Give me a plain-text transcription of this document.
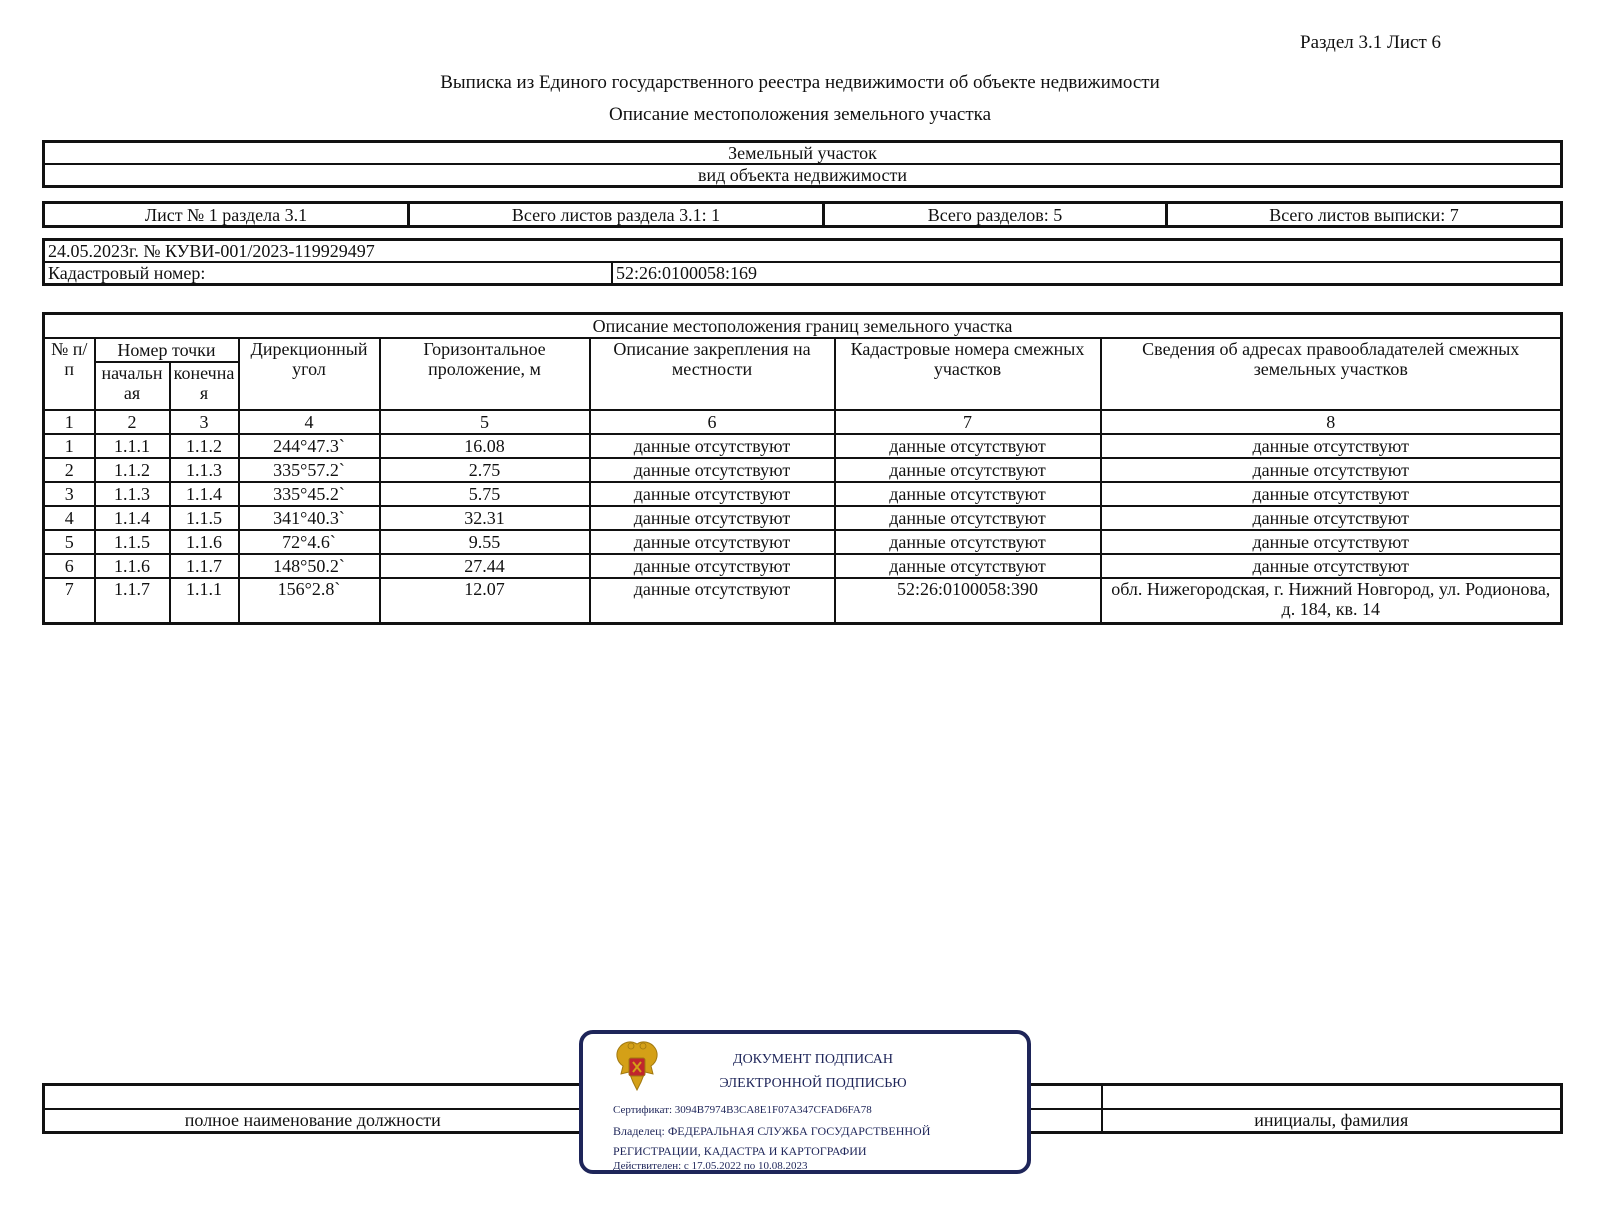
Раздел 3.1 Лист 6
Выписка из Единого государственного реестра недвижимости об объекте недвижимости
Описание местоположения земельного участка
Земельный участок
вид объекта недвижимости
Лист № 1 раздела 3.1	Всего листов раздела 3.1: 1	Всего разделов: 5	Всего листов выписки: 7
24.05.2023г. № КУВИ-001/2023-119929497
Кадастровый номер:	52:26:0100058:169
Описание местоположения границ земельного участка							
№ п/п	Номер точки		Дирекционный угол	Горизонтальное проложение, м	Описание закрепления на местности	Кадастровые номера смежных участков	Сведения об адресах правообладателей смежных земельных участков
	начальная	конечная					
1	2	3	4	5	6	7	8
1	1.1.1	1.1.2	244°47.3`	16.08	данные отсутствуют	данные отсутствуют	данные отсутствуют
2	1.1.2	1.1.3	335°57.2`	2.75	данные отсутствуют	данные отсутствуют	данные отсутствуют
3	1.1.3	1.1.4	335°45.2`	5.75	данные отсутствуют	данные отсутствуют	данные отсутствуют
4	1.1.4	1.1.5	341°40.3`	32.31	данные отсутствуют	данные отсутствуют	данные отсутствуют
5	1.1.5	1.1.6	72°4.6`	9.55	данные отсутствуют	данные отсутствуют	данные отсутствуют
6	1.1.6	1.1.7	148°50.2`	27.44	данные отсутствуют	данные отсутствуют	данные отсутствуют
7	1.1.7	1.1.1	156°2.8`	12.07	данные отсутствуют	52:26:0100058:390	обл. Нижегородская, г. Нижний Новгород, ул. Родионова, д. 184, кв. 14

полное наименование должности		инициалы, фамилия
ДОКУМЕНТ ПОДПИСАН
ЭЛЕКТРОННОЙ ПОДПИСЬЮ
Сертификат: 3094B7974B3CA8E1F07A347CFAD6FA78
Владелец: ФЕДЕРАЛЬНАЯ СЛУЖБА ГОСУДАРСТВЕННОЙ
РЕГИСТРАЦИИ, КАДАСТРА И КАРТОГРАФИИ
Действителен: с 17.05.2022 по 10.08.2023
